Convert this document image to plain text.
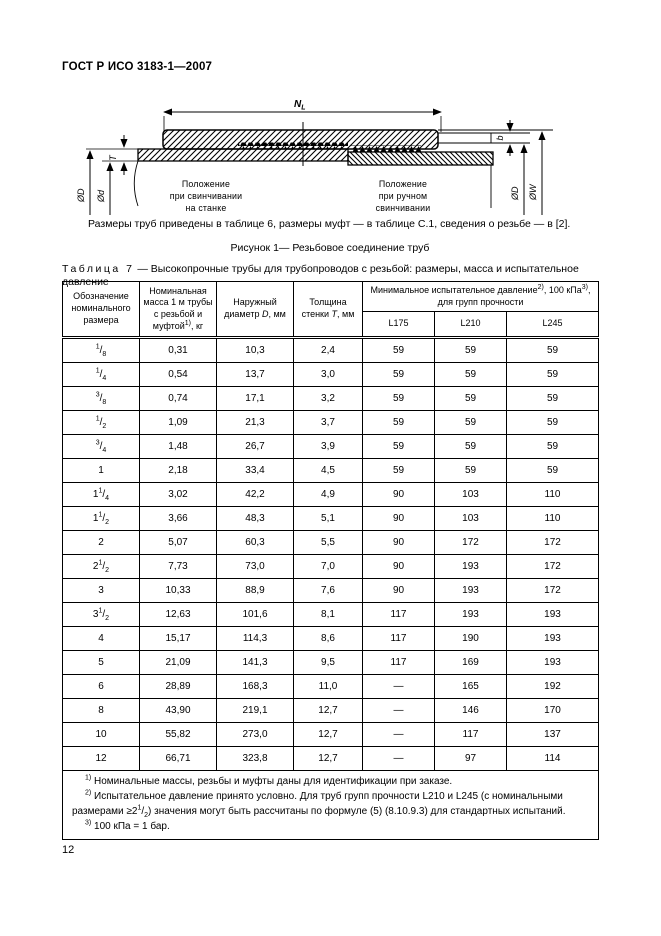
ГОСТ Р ИСО 3183-1—2007
$N_L$
Т
ØD Ød
b
ØD ØW
Положение
при свинчивании
на станке
Положение
при ручном
свинчивании
Размеры труб приведены в таблице 6, размеры муфт — в таблице С.1, сведения о резьбе — в [2].
Рисунок 1— Резьбовое соединение труб
Таблица 7 — Высокопрочные трубы для трубопроводов с резьбой: размеры, масса и испытательное давление
Обозначение номинального размера	Номинальная масса 1 м трубы с резьбой и муфтой$^{1)}$, кг	Наружный диаметр D, мм	Толщина стенки Т, мм	Минимальное испытательное давление$^{2)}$, 100 кПа$^{3)}$, для групп прочности		
				L175	L210	L245
$^1/_8$	0,31	10,3	2,4	59	59	59
$^1/_4$	0,54	13,7	3,0	59	59	59
$^3/_8$	0,74	17,1	3,2	59	59	59
$^1/_2$	1,09	21,3	3,7	59	59	59
$^3/_4$	1,48	26,7	3,9	59	59	59
1	2,18	33,4	4,5	59	59	59
$1^1/_4$	3,02	42,2	4,9	90	103	110
$1^1/_2$	3,66	48,3	5,1	90	103	110
2	5,07	60,3	5,5	90	172	172
$2^1/_2$	7,73	73,0	7,0	90	193	172
3	10,33	88,9	7,6	90	193	172
$3^1/_2$	12,63	101,6	8,1	117	193	193
4	15,17	114,3	8,6	117	190	193
5	21,09	141,3	9,5	117	169	193
6	28,89	168,3	11,0	—	165	192
8	43,90	219,1	12,7	—	146	170
10	55,82	273,0	12,7	—	117	137
12	66,71	323,8	12,7	—	97	114

$^{1)}$ Номинальные массы, резьбы и муфты даны для идентификации при заказе.
$^{2)}$ Испытательное давление принято условно. Для труб групп прочности L210 и L245 (с номинальными размерами $\ge 2^1/_2$) значения могут быть рассчитаны по формуле (5) (8.10.9.3) для стандартных испытаний.
$^{3)}$ 100 кПа = 1 бар.						
12
